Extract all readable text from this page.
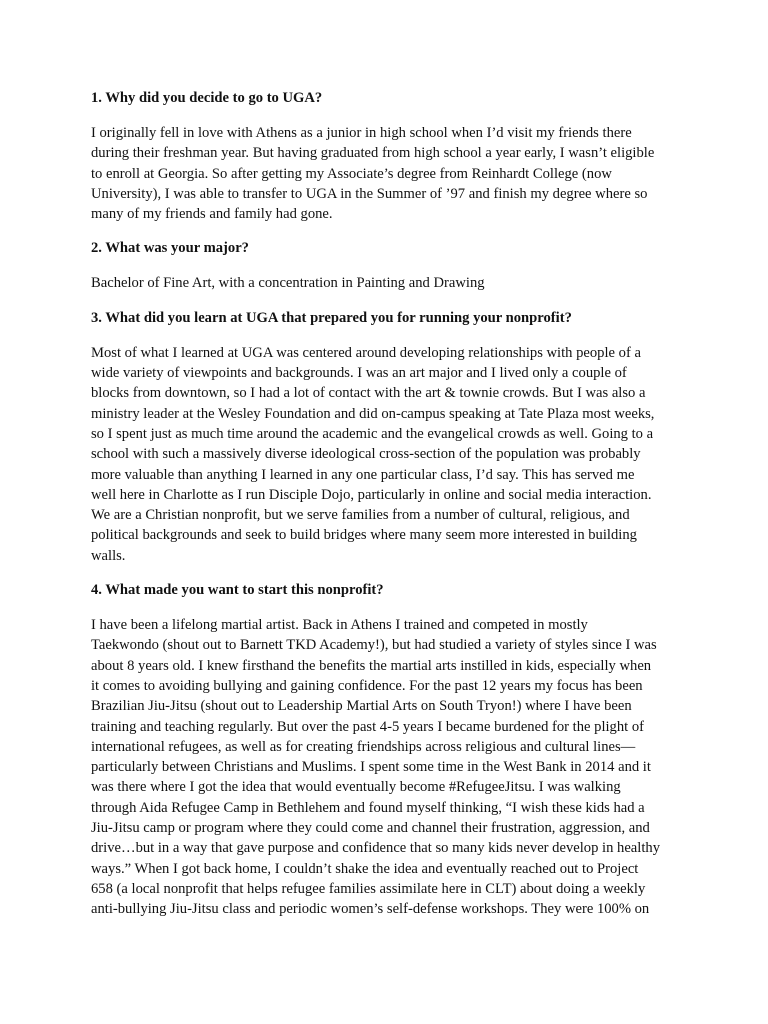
1. Why did you decide to go to UGA?
I originally fell in love with Athens as a junior in high school when I’d visit my friends there
during their freshman year. But having graduated from high school a year early, I wasn’t eligible
to enroll at Georgia. So after getting my Associate’s degree from Reinhardt College (now
University), I was able to transfer to UGA in the Summer of ’97 and finish my degree where so
many of my friends and family had gone.
2. What was your major?
Bachelor of Fine Art, with a concentration in Painting and Drawing
3. What did you learn at UGA that prepared you for running your nonprofit?
Most of what I learned at UGA was centered around developing relationships with people of a
wide variety of viewpoints and backgrounds. I was an art major and I lived only a couple of
blocks from downtown, so I had a lot of contact with the art & townie crowds. But I was also a
ministry leader at the Wesley Foundation and did on-campus speaking at Tate Plaza most weeks,
so I spent just as much time around the academic and the evangelical crowds as well. Going to a
school with such a massively diverse ideological cross-section of the population was probably
more valuable than anything I learned in any one particular class, I’d say. This has served me
well here in Charlotte as I run Disciple Dojo, particularly in online and social media interaction.
We are a Christian nonprofit, but we serve families from a number of cultural, religious, and
political backgrounds and seek to build bridges where many seem more interested in building
walls.
4. What made you want to start this nonprofit?
I have been a lifelong martial artist. Back in Athens I trained and competed in mostly
Taekwondo (shout out to Barnett TKD Academy!), but had studied a variety of styles since I was
about 8 years old. I knew firsthand the benefits the martial arts instilled in kids, especially when
it comes to avoiding bullying and gaining confidence. For the past 12 years my focus has been
Brazilian Jiu-Jitsu (shout out to Leadership Martial Arts on South Tryon!) where I have been
training and teaching regularly. But over the past 4-5 years I became burdened for the plight of
international refugees, as well as for creating friendships across religious and cultural lines—
particularly between Christians and Muslims. I spent some time in the West Bank in 2014 and it
was there where I got the idea that would eventually become #RefugeeJitsu. I was walking
through Aida Refugee Camp in Bethlehem and found myself thinking, “I wish these kids had a
Jiu-Jitsu camp or program where they could come and channel their frustration, aggression, and
drive…but in a way that gave purpose and confidence that so many kids never develop in healthy
ways.” When I got back home, I couldn’t shake the idea and eventually reached out to Project
658 (a local nonprofit that helps refugee families assimilate here in CLT) about doing a weekly
anti-bullying Jiu-Jitsu class and periodic women’s self-defense workshops. They were 100% on
